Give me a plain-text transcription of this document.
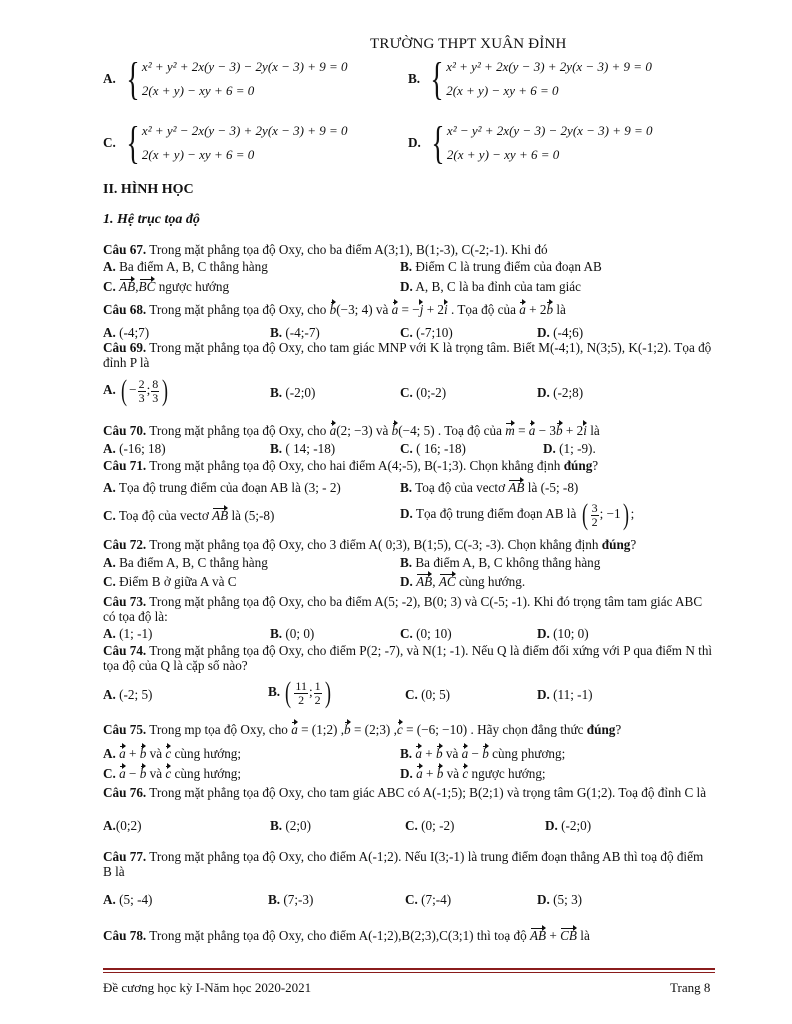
TRƯỜNG THPT XUÂN ĐỈNH
A. { x² + y² + 2x(y − 3) − 2y(x − 3) + 9 = 0
2(x + y) − xy + 6 = 0
B. { x² + y² + 2x(y − 3) + 2y(x − 3) + 9 = 0
2(x + y) − xy + 6 = 0
C. { x² + y² − 2x(y − 3) + 2y(x − 3) + 9 = 0
2(x + y) − xy + 6 = 0
D. { x² − y² + 2x(y − 3) − 2y(x − 3) + 9 = 0
2(x + y) − xy + 6 = 0
II. HÌNH HỌC
1. Hệ trục tọa độ
Câu 67. Trong mặt phẳng tọa độ Oxy, cho ba điểm A(3;1), B(1;-3), C(-2;-1). Khi đó
A. Ba điểm A, B, C thẳng hàng	B. Điểm C là trung điểm của đoạn AB
C. AB,BC ngược hướng	D. A, B, C là ba đỉnh của tam giác
Câu 68. Trong mặt phẳng tọa độ Oxy, cho b(−3; 4) và a = −j + 2i . Tọa độ của a + 2b là
A. (-4;7)	B. (-4;-7)	C. (-7;10)	D. (-4;6)
Câu 69. Trong mặt phẳng tọa độ Oxy, cho tam giác MNP với K là trọng tâm. Biết M(-4;1), N(3;5), K(-1;2). Tọa độ đỉnh P là
A. ( − $\frac{2}{3}$ ; $\frac{8}{3}$ )	B. (-2;0)	C. (0;-2)	D. (-2;8)
Câu 70. Trong mặt phẳng tọa độ Oxy, cho a(2; −3) và b(−4; 5) . Toạ độ của m = a − 3b + 2i là
A. (-16; 18)	B. ( 14; -18)	C. ( 16; -18)	D. (1; -9).
Câu 71. Trong mặt phẳng tọa độ Oxy, cho hai điểm A(4;-5), B(-1;3). Chọn khẳng định đúng?
A. Tọa độ trung điểm của đoạn AB là (3; - 2)	B. Toạ độ của vectơ AB là (-5; -8)
C. Toạ độ của vectơ AB là (5;-8)	D. Tọa độ trung điểm đoạn AB là ( $\frac{3}{2}$ ; −1) ;
Câu 72. Trong mặt phẳng tọa độ Oxy, cho 3 điểm A( 0;3), B(1;5), C(-3; -3). Chọn khẳng định đúng?
A. Ba điểm A, B, C thẳng hàng	B. Ba điểm A, B, C không thẳng hàng
C. Điểm B ở giữa A và C	D. AB, AC cùng hướng.
Câu 73. Trong mặt phẳng tọa độ Oxy, cho ba điểm A(5; -2), B(0; 3) và C(-5; -1). Khi đó trọng tâm tam giác ABC có tọa độ là:
A. (1; -1)	B. (0; 0)	C. (0; 10)	D. (10; 0)
Câu 74. Trong mặt phẳng tọa độ Oxy, cho điểm P(2; -7), và N(1; -1). Nếu Q là điểm đối xứng với P qua điểm N thì tọa độ của Q là cặp số nào?
A. (-2; 5)	B. ( $\frac{11}{2}$ ; $\frac{1}{2}$ )	C. (0; 5)	D. (11; -1)
Câu 75. Trong mp tọa độ Oxy, cho a = (1;2) ,b = (2;3) ,c = (−6; −10) . Hãy chọn đẳng thức đúng?
A. a + b và c cùng hướng;	B. a + b và a − b cùng phương;
C. a − b và c cùng hướng;	D. a + b và c ngược hướng;
Câu 76. Trong mặt phẳng tọa độ Oxy, cho tam giác ABC có A(-1;5); B(2;1) và trọng tâm G(1;2). Toạ độ đỉnh C là
A.(0;2)	B. (2;0)	C. (0; -2)	D. (-2;0)
Câu 77. Trong mặt phẳng tọa độ Oxy, cho điểm A(-1;2). Nếu I(3;-1) là trung điểm đoạn thẳng AB thì toạ độ điểm B là
A. (5; -4)	B. (7;-3)	C. (7;-4)	D. (5; 3)
Câu 78. Trong mặt phẳng tọa độ Oxy, cho điểm A(-1;2),B(2;3),C(3;1) thì toạ độ AB + CB là
Đề cương học kỳ I-Năm học 2020-2021	Trang 8
